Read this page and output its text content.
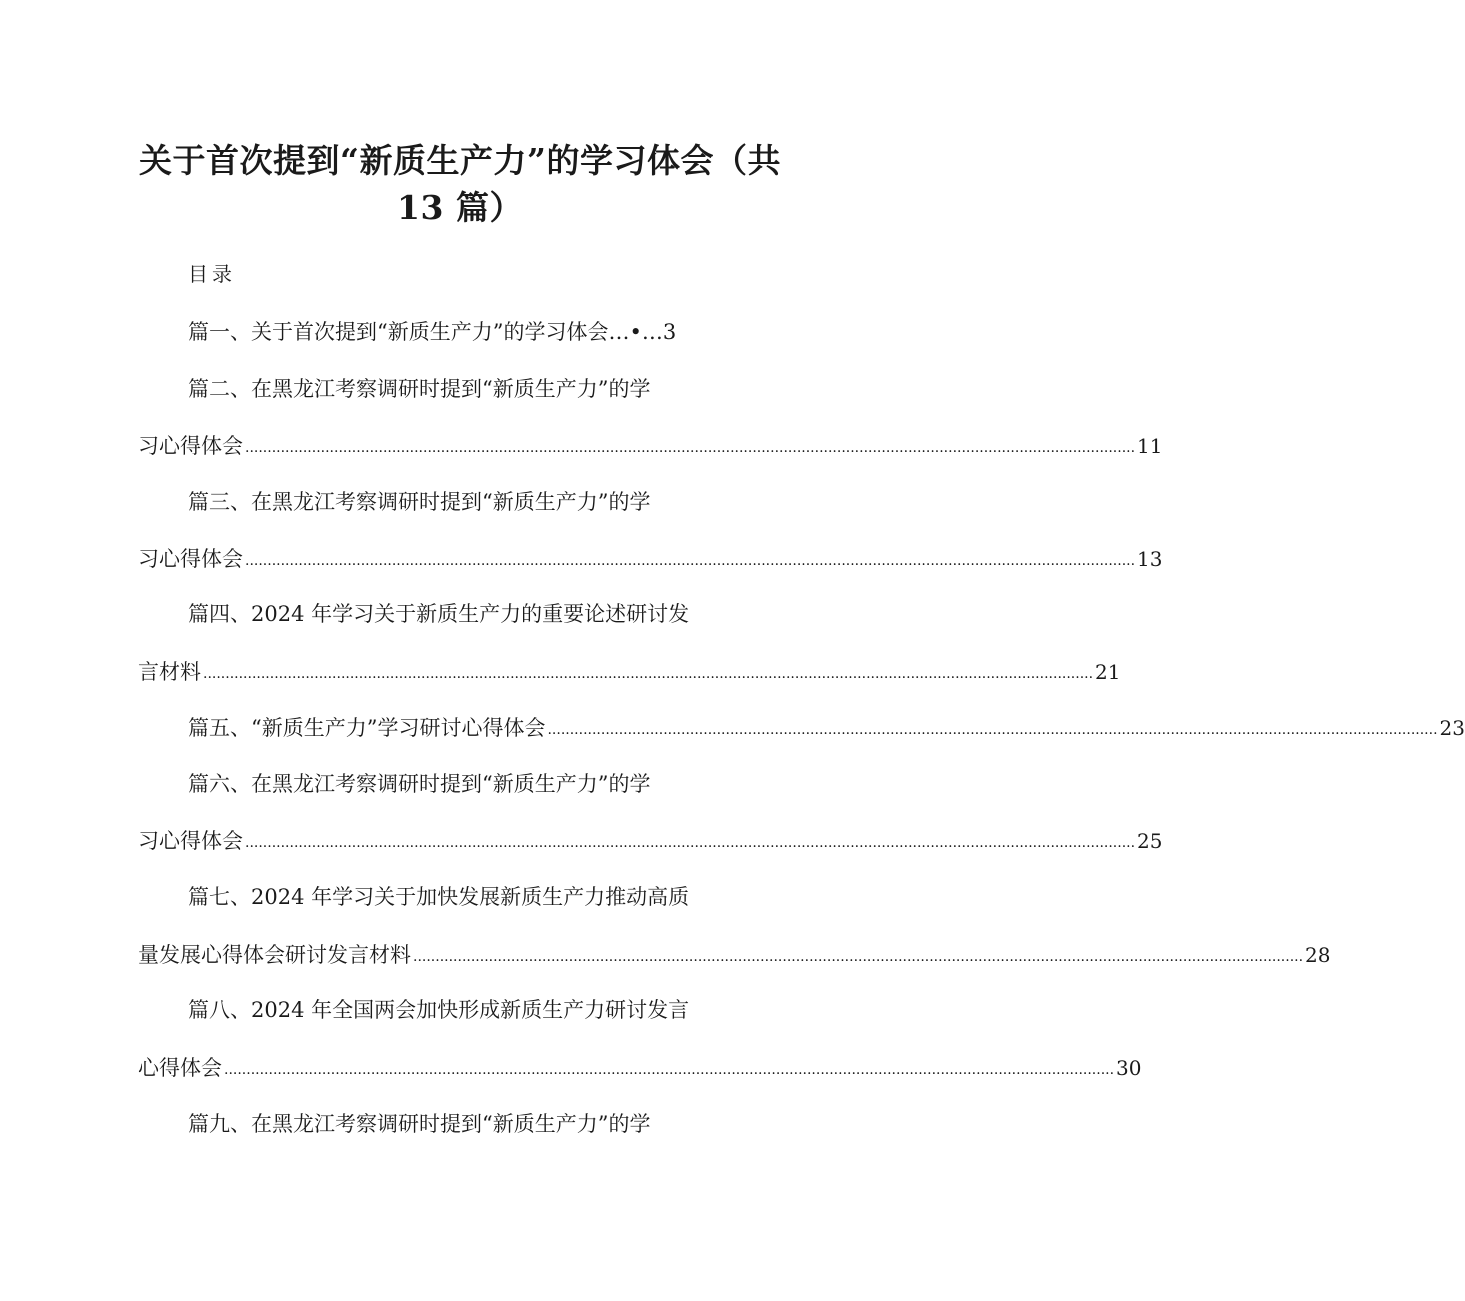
关于首次提到“新质生产力”的学习体会（共
13 篇）
目录
篇一、关于首次提到“新质生产力”的学习体会…•…3
篇二、在黑龙江考察调研时提到“新质生产力”的学
习心得体会 ........................................................................................................................................................................................................ 11
篇三、在黑龙江考察调研时提到“新质生产力”的学
习心得体会 ........................................................................................................................................................................................................ 13
篇四、2024 年学习关于新质生产力的重要论述研讨发
言材料 ........................................................................................................................................................................................................ 21
篇五、“新质生产力”学习研讨心得体会 ........................................................................................................................................................................................................ 23
篇六、在黑龙江考察调研时提到“新质生产力”的学
习心得体会 ........................................................................................................................................................................................................ 25
篇七、2024 年学习关于加快发展新质生产力推动高质
量发展心得体会研讨发言材料 ........................................................................................................................................................................................................ 28
篇八、2024 年全国两会加快形成新质生产力研讨发言
心得体会 ........................................................................................................................................................................................................ 30
篇九、在黑龙江考察调研时提到“新质生产力”的学
